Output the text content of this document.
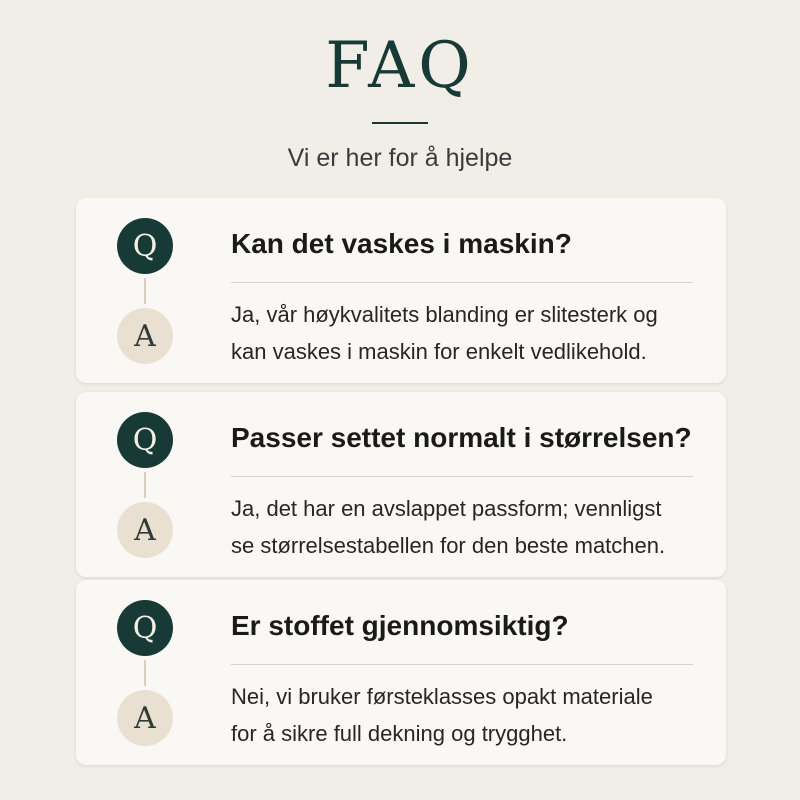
FAQ
Vi er her for å hjelpe
Q
A
Kan det vaskes i maskin?
Ja, vår høykvalitets blanding er slitesterk og
kan vaskes i maskin for enkelt vedlikehold.
Q
A
Passer settet normalt i størrelsen?
Ja, det har en avslappet passform; vennligst
se størrelsestabellen for den beste matchen.
Q
A
Er stoffet gjennomsiktig?
Nei, vi bruker førsteklasses opakt materiale
for å sikre full dekning og trygghet.
